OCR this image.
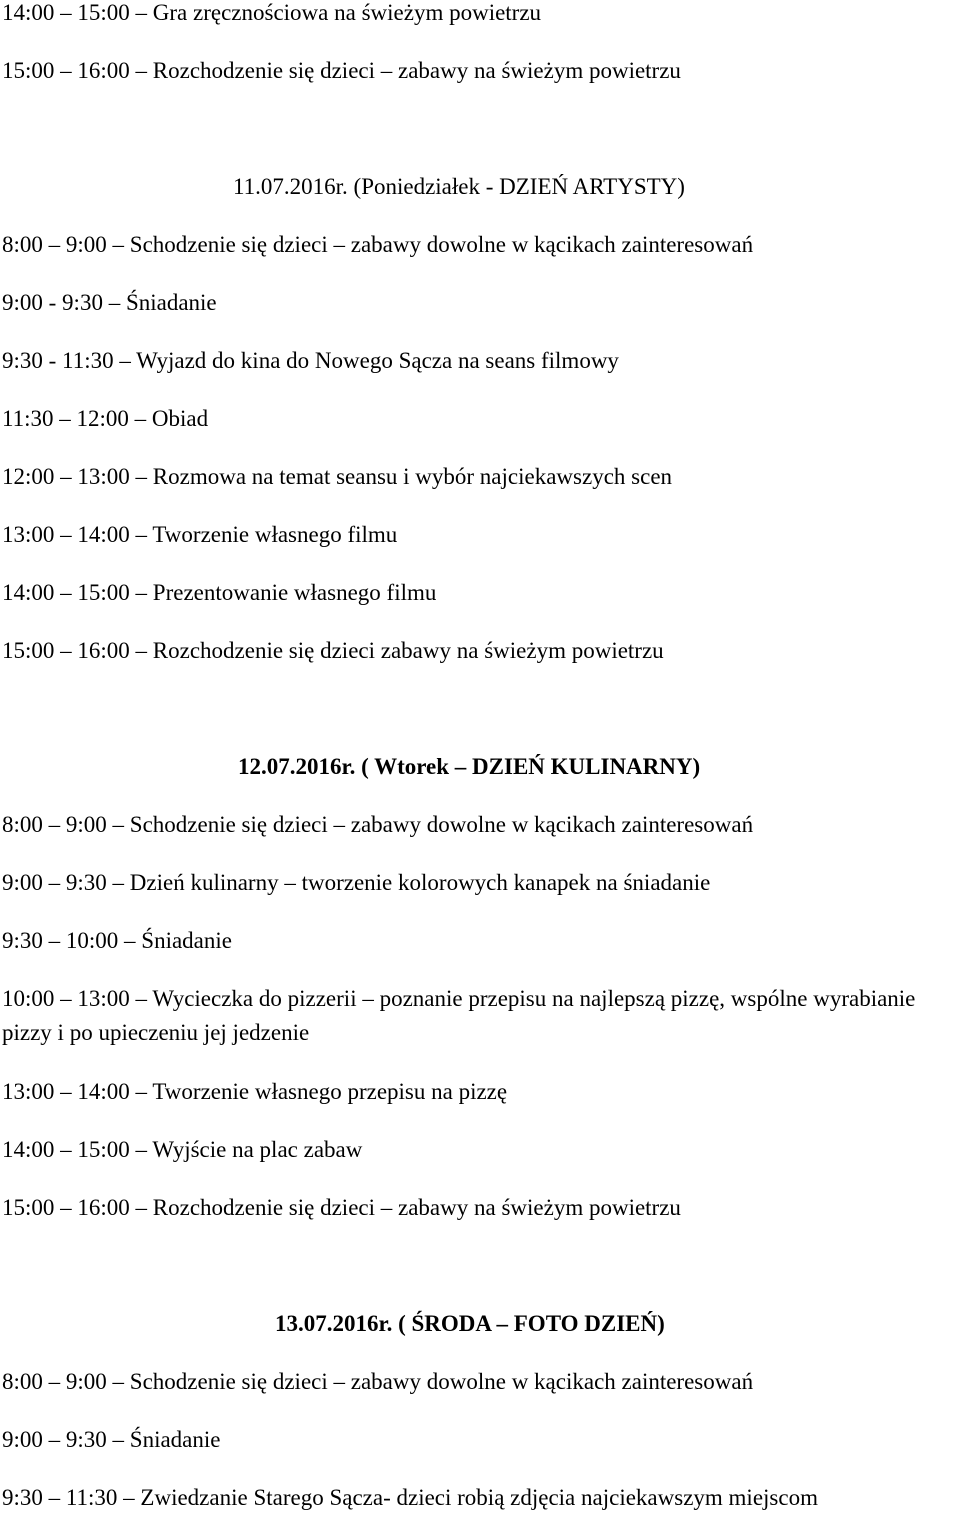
14:00 – 15:00 – Gra zręcznościowa na świeżym powietrzu
15:00 – 16:00 – Rozchodzenie się dzieci – zabawy na świeżym powietrzu
11.07.2016r. (Poniedziałek - DZIEŃ ARTYSTY)
8:00 – 9:00 – Schodzenie się dzieci – zabawy dowolne w kącikach zainteresowań
9:00 - 9:30 – Śniadanie
9:30 - 11:30 – Wyjazd do kina do Nowego Sącza na seans filmowy
11:30 – 12:00 – Obiad
12:00 – 13:00 – Rozmowa na temat seansu i wybór najciekawszych scen
13:00 – 14:00 – Tworzenie własnego filmu
14:00 – 15:00 – Prezentowanie własnego filmu
15:00 – 16:00 – Rozchodzenie się dzieci zabawy na świeżym powietrzu
12.07.2016r. ( Wtorek – DZIEŃ KULINARNY)
8:00 – 9:00 – Schodzenie się dzieci – zabawy dowolne w kącikach zainteresowań
9:00 – 9:30 – Dzień kulinarny – tworzenie kolorowych kanapek na śniadanie
9:30 – 10:00 – Śniadanie
10:00 – 13:00 – Wycieczka do pizzerii – poznanie przepisu na najlepszą pizzę, wspólne wyrabianie pizzy i po upieczeniu jej jedzenie
13:00 – 14:00 – Tworzenie własnego przepisu na pizzę
14:00 – 15:00 – Wyjście na plac zabaw
15:00 – 16:00 – Rozchodzenie się dzieci – zabawy na świeżym powietrzu
13.07.2016r. ( ŚRODA – FOTO DZIEŃ)
8:00 – 9:00 – Schodzenie się dzieci – zabawy dowolne w kącikach zainteresowań
9:00 – 9:30 – Śniadanie
9:30 – 11:30 – Zwiedzanie Starego Sącza- dzieci robią zdjęcia najciekawszym miejscom
